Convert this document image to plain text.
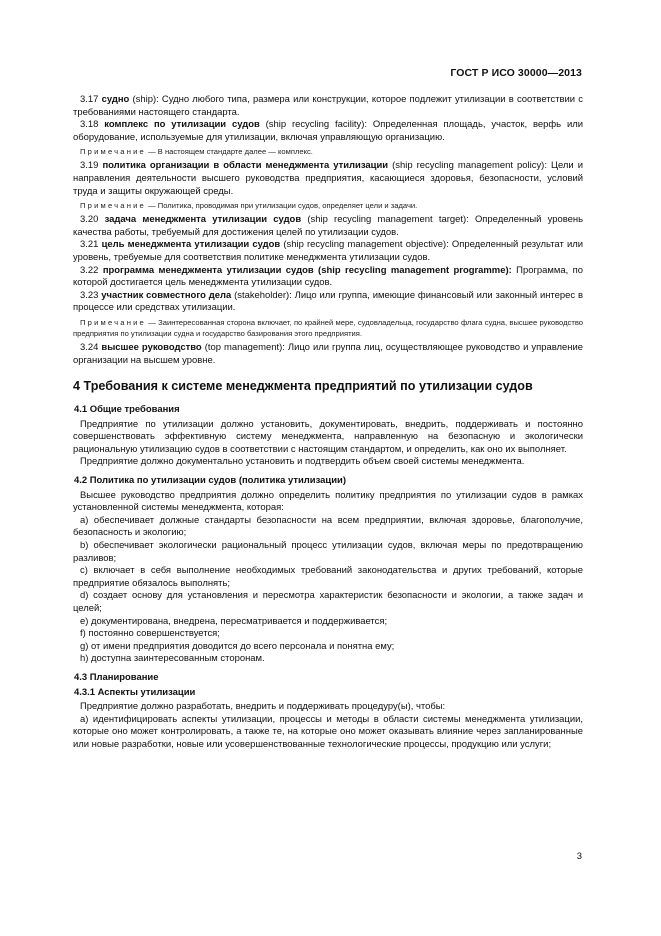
ГОСТ Р ИСО 30000—2013

3.17 судно (ship): Судно любого типа, размера или конструкции, которое подлежит утилизации в соответствии с требованиями настоящего стандарта.

3.18 комплекс по утилизации судов (ship recycling facility): Определенная площадь, участок, верфь или оборудование, используемые для утилизации, включая управляющую организацию.

Примечание — В настоящем стандарте далее — комплекс.

3.19 политика организации в области менеджмента утилизации (ship recycling management policy): Цели и направления деятельности высшего руководства предприятия, касающиеся здоровья, безопасности, условий труда и защиты окружающей среды.

Примечание — Политика, проводимая при утилизации судов, определяет цели и задачи.

3.20 задача менеджмента утилизации судов (ship recycling management target): Определенный уровень качества работы, требуемый для достижения целей по утилизации судов.

3.21 цель менеджмента утилизации судов (ship recycling management objective): Определенный результат или уровень, требуемые для соответствия политике менеджмента утилизации судов.

3.22 программа менеджмента утилизации судов (ship recycling management programme): Программа, по которой достигается цель менеджмента утилизации судов.

3.23 участник совместного дела (stakeholder): Лицо или группа, имеющие финансовый или законный интерес в процессе или средствах утилизации.

Примечание — Заинтересованная сторона включает, по крайней мере, судовладельца, государство флага судна, высшее руководство предприятия по утилизации судна и государство базирования этого предприятия.

3.24 высшее руководство (top management): Лицо или группа лиц, осуществляющее руководство и управление организации на высшем уровне.

4 Требования к системе менеджмента предприятий по утилизации судов
4.1 Общие требования

Предприятие по утилизации должно установить, документировать, внедрить, поддерживать и постоянно совершенствовать эффективную систему менеджмента, направленную на безопасную и экологически рациональную утилизацию судов в соответствии с настоящим стандартом, и определить, как оно их выполняет.

Предприятие должно документально установить и подтвердить объем своей системы менеджмента.

4.2 Политика по утилизации судов (политика утилизации)

Высшее руководство предприятия должно определить политику предприятия по утилизации судов в рамках установленной системы менеджмента, которая:

a) обеспечивает должные стандарты безопасности на всем предприятии, включая здоровье, благополучие, безопасность и экологию;

b) обеспечивает экологически рациональный процесс утилизации судов, включая меры по предотвращению разливов;

c) включает в себя выполнение необходимых требований законодательства и других требований, которые предприятие обязалось выполнять;

d) создает основу для установления и пересмотра характеристик безопасности и экологии, а также задач и целей;

e) документирована, внедрена, пересматривается и поддерживается;

f) постоянно совершенствуется;

g) от имени предприятия доводится до всего персонала и понятна ему;

h) доступна заинтересованным сторонам.

4.3 Планирование
4.3.1 Аспекты утилизации

Предприятие должно разработать, внедрить и поддерживать процедуру(ы), чтобы:

а) идентифицировать аспекты утилизации, процессы и методы в области системы менеджмента утилизации, которые оно может контролировать, а также те, на которые оно может оказывать влияние через запланированные или новые разработки, новые или усовершенствованные технологические процессы, продукцию или услуги;

3
